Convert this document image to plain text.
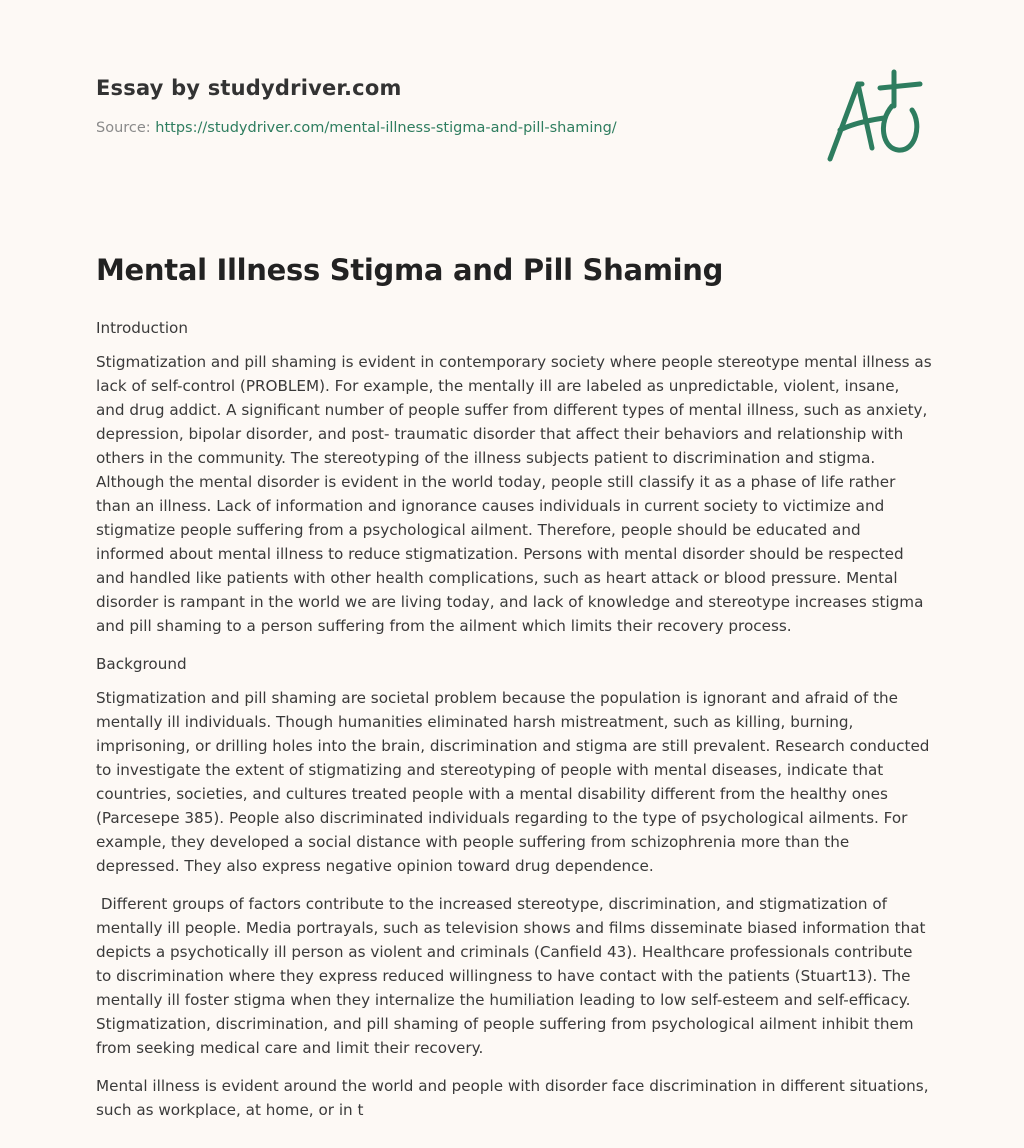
Essay by studydriver.com

Source: https://studydriver.com/mental-illness-stigma-and-pill-shaming/
Mental Illness Stigma and Pill Shaming
Introduction

Stigmatization and pill shaming is evident in contemporary society where people stereotype mental illness as lack of self-control (PROBLEM). For example, the mentally ill are labeled as unpredictable, violent, insane, and drug addict. A significant number of people suffer from different types of mental illness, such as anxiety, depression, bipolar disorder, and post- traumatic disorder that affect their behaviors and relationship with others in the community. The stereotyping of the illness subjects patient to discrimination and stigma. Although the mental disorder is evident in the world today, people still classify it as a phase of life rather than an illness. Lack of information and ignorance causes individuals in current society to victimize and stigmatize people suffering from a psychological ailment. Therefore, people should be educated and informed about mental illness to reduce stigmatization. Persons with mental disorder should be respected and handled like patients with other health complications, such as heart attack or blood pressure. Mental disorder is rampant in the world we are living today, and lack of knowledge and stereotype increases stigma and pill shaming to a person suffering from the ailment which limits their recovery process.

Background

Stigmatization and pill shaming are societal problem because the population is ignorant and afraid of the mentally ill individuals. Though humanities eliminated harsh mistreatment, such as killing, burning, imprisoning, or drilling holes into the brain, discrimination and stigma are still prevalent. Research conducted to investigate the extent of stigmatizing and stereotyping of people with mental diseases, indicate that countries, societies, and cultures treated people with a mental disability different from the healthy ones (Parcesepe 385). People also discriminated individuals regarding to the type of psychological ailments. For example, they developed a social distance with people suffering from schizophrenia more than the depressed. They also express negative opinion toward drug dependence.

Different groups of factors contribute to the increased stereotype, discrimination, and stigmatization of mentally ill people. Media portrayals, such as television shows and films disseminate biased information that depicts a psychotically ill person as violent and criminals (Canfield 43). Healthcare professionals contribute to discrimination where they express reduced willingness to have contact with the patients (Stuart13). The mentally ill foster stigma when they internalize the humiliation leading to low self-esteem and self-efficacy. Stigmatization, discrimination, and pill shaming of people suffering from psychological ailment inhibit them from seeking medical care and limit their recovery.

Mental illness is evident around the world and people with disorder face discrimination in different situations, such as workplace, at home, or in t
